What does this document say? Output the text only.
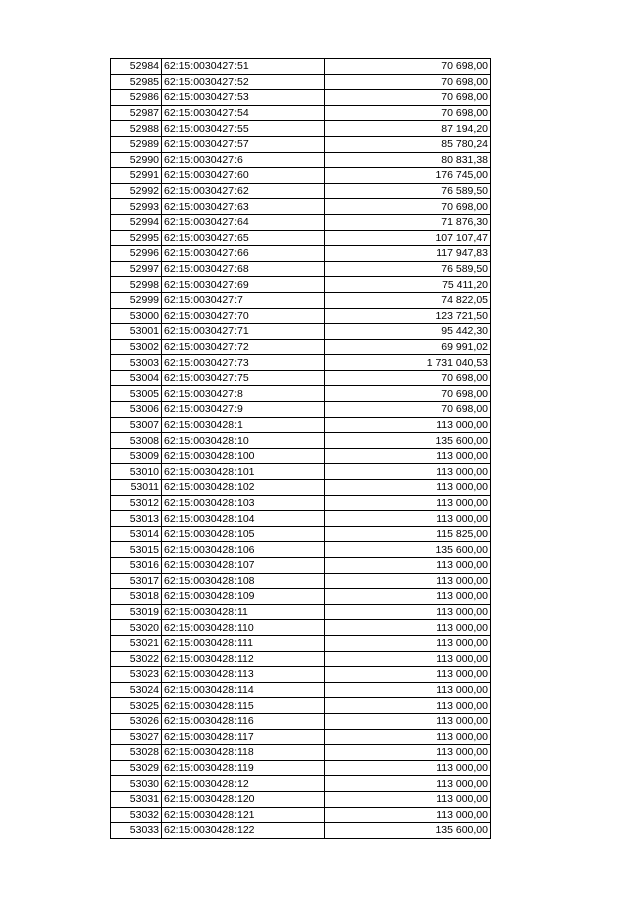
52984	62:15:0030427:51	70 698,00
52985	62:15:0030427:52	70 698,00
52986	62:15:0030427:53	70 698,00
52987	62:15:0030427:54	70 698,00
52988	62:15:0030427:55	87 194,20
52989	62:15:0030427:57	85 780,24
52990	62:15:0030427:6	80 831,38
52991	62:15:0030427:60	176 745,00
52992	62:15:0030427:62	76 589,50
52993	62:15:0030427:63	70 698,00
52994	62:15:0030427:64	71 876,30
52995	62:15:0030427:65	107 107,47
52996	62:15:0030427:66	117 947,83
52997	62:15:0030427:68	76 589,50
52998	62:15:0030427:69	75 411,20
52999	62:15:0030427:7	74 822,05
53000	62:15:0030427:70	123 721,50
53001	62:15:0030427:71	95 442,30
53002	62:15:0030427:72	69 991,02
53003	62:15:0030427:73	1 731 040,53
53004	62:15:0030427:75	70 698,00
53005	62:15:0030427:8	70 698,00
53006	62:15:0030427:9	70 698,00
53007	62:15:0030428:1	113 000,00
53008	62:15:0030428:10	135 600,00
53009	62:15:0030428:100	113 000,00
53010	62:15:0030428:101	113 000,00
53011	62:15:0030428:102	113 000,00
53012	62:15:0030428:103	113 000,00
53013	62:15:0030428:104	113 000,00
53014	62:15:0030428:105	115 825,00
53015	62:15:0030428:106	135 600,00
53016	62:15:0030428:107	113 000,00
53017	62:15:0030428:108	113 000,00
53018	62:15:0030428:109	113 000,00
53019	62:15:0030428:11	113 000,00
53020	62:15:0030428:110	113 000,00
53021	62:15:0030428:111	113 000,00
53022	62:15:0030428:112	113 000,00
53023	62:15:0030428:113	113 000,00
53024	62:15:0030428:114	113 000,00
53025	62:15:0030428:115	113 000,00
53026	62:15:0030428:116	113 000,00
53027	62:15:0030428:117	113 000,00
53028	62:15:0030428:118	113 000,00
53029	62:15:0030428:119	113 000,00
53030	62:15:0030428:12	113 000,00
53031	62:15:0030428:120	113 000,00
53032	62:15:0030428:121	113 000,00
53033	62:15:0030428:122	135 600,00
